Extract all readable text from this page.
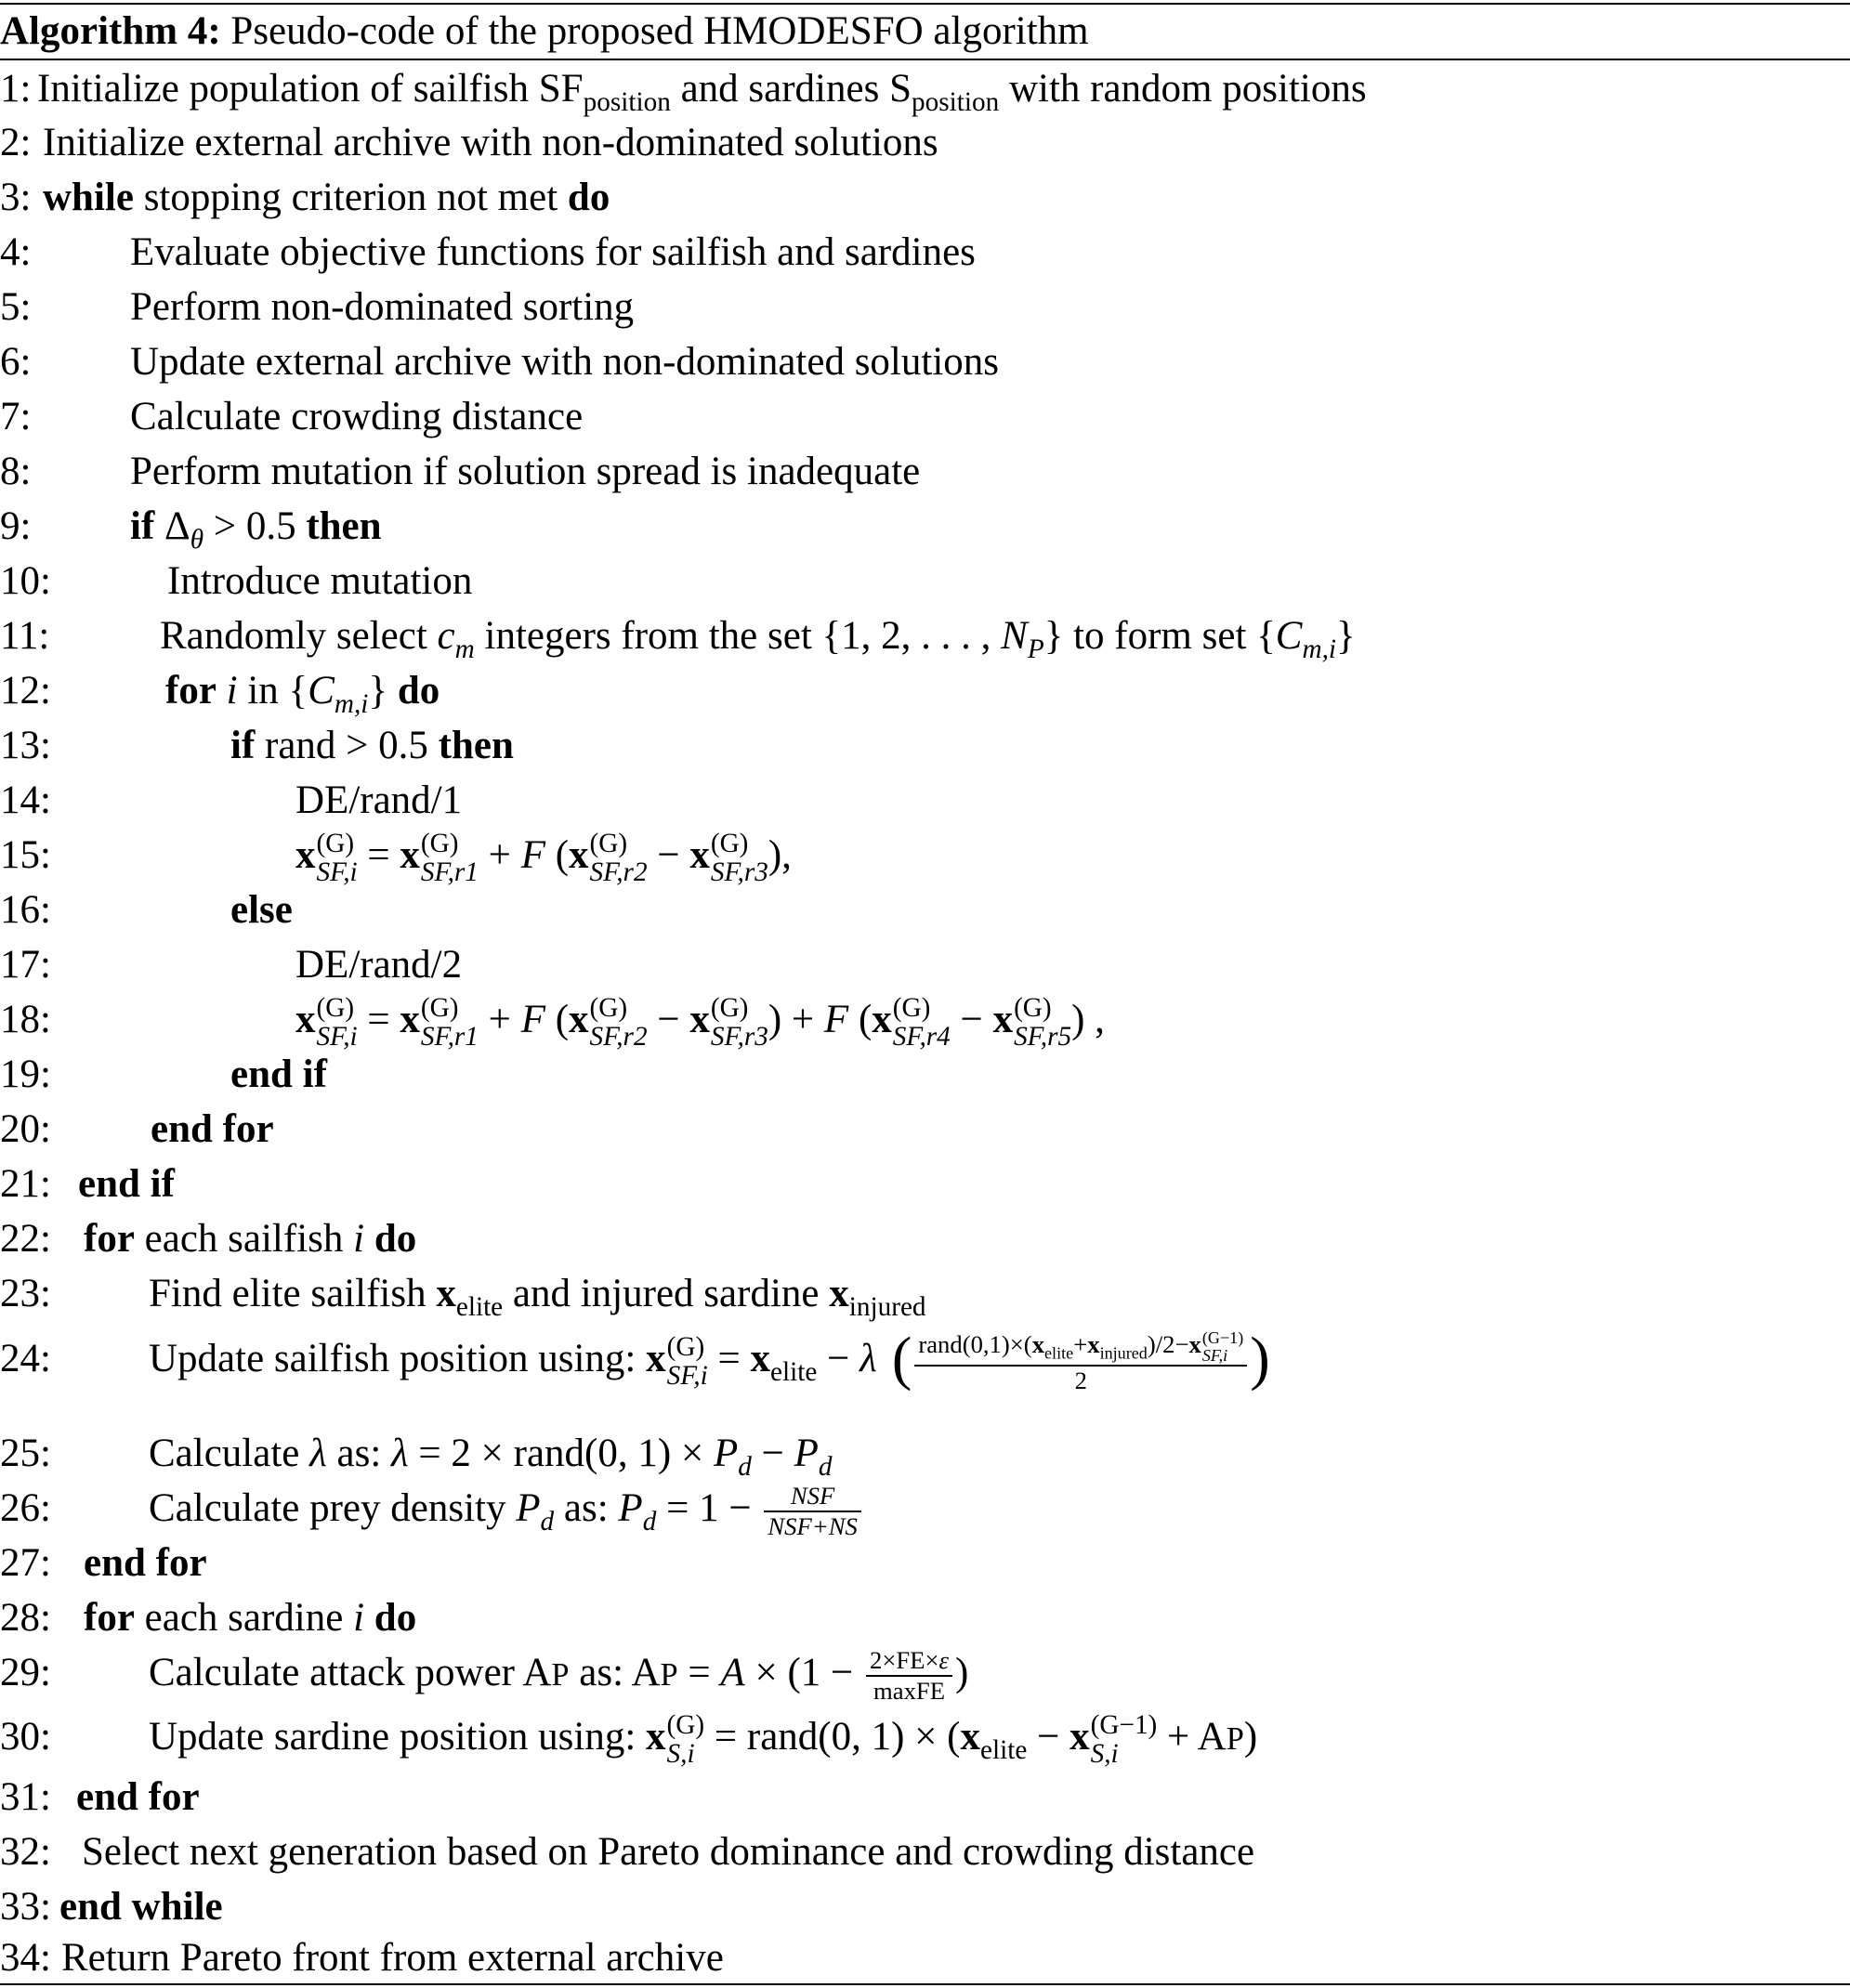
Algorithm 4: Pseudo-code of the proposed HMODESFO algorithm
1: Initialize population of sailfish $SF_{position}$ and sardines $S_{position}$ with random positions
2: Initialize external archive with non-dominated solutions
3: while stopping criterion not met do
4: Evaluate objective functions for sailfish and sardines
5: Perform non-dominated sorting
6: Update external archive with non-dominated solutions
7: Calculate crowding distance
8: Perform mutation if solution spread is inadequate
9: if $\Delta_\theta > 0.5$ then
10:	Introduce mutation
11:	Randomly select $c_m$ integers from the set {1, 2, . . . , $N_P$} to form set $\{C_{m,i}\}$
12:	for i in $\{C_{m,i}\}$ do
13:	if rand > 0.5 then
14:	DE/rand/1
15:	x (G)
SF,i = x (G)
SF,r1 + F (x (G)
SF,r2 − x (G)
SF,r3 ),
16:	else
17:	DE/rand/2
18:	x (G)
SF,i = x (G)
SF,r1 + F (x (G)
SF,r2 − x (G)
SF,r3 ) + F (x (G)
SF,r4 − x (G)
SF,r5 ) ,
19:	end if
20: end for
21: end if
22: for each sailfish i do
23: Find elite sailfish $x_{elite}$ and injured sardine $x_{injured}$
24: Update sailfish position using: x (G)
$SF,i = x_{elite} - \lambda$ ( $rand(0,1)\times(x_{elite}+x_{injured})/2-x$ (G−1)
SF,i
2 )
25: Calculate λ as: λ = 2 × rand(0, $1) \times P_d - P_d$
26: Calculate prey density $P_d$ as: $P_d = 1 - \frac{\text{NSF}}{\text{NSF+NS}}$
27: end for
28: for each sardine i do
29: Calculate attack power AP as: AP = $A \times (1 - \frac{2\times FE\times\varepsilon}{\text{maxFE}}$ )
30: Update sardine position using: x (G)
S,i = rand(0, $1) \times (x_{elite} - x$ (G−1)
S,i + AP)
31: end for
32: Select next generation based on Pareto dominance and crowding distance
33: end while
34: Return Pareto front from external archive
